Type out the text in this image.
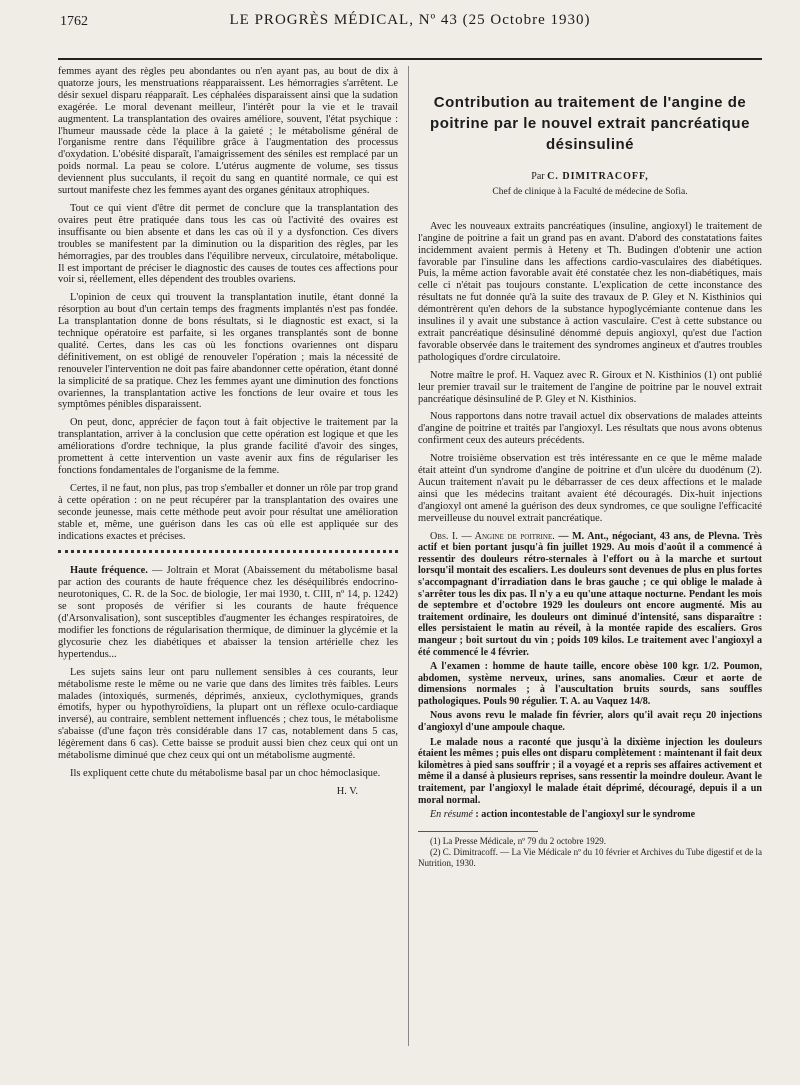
1762	LE PROGRÈS MÉDICAL, Nº 43 (25 Octobre 1930)

femmes ayant des règles peu abondantes ou n'en ayant pas, au bout de dix à quatorze jours, les menstruations réapparaissent. Les hémorragies s'arrêtent. Le désir sexuel disparu réapparaît. Les céphalées disparaissent ainsi que la sudation exagérée. Le moral devenant meilleur, l'intérêt pour la vie et le travail augmentent. La transplantation des ovaires améliore, souvent, l'état psychique : l'humeur maussade cède la place à la gaieté ; le métabolisme général de l'organisme rentre dans l'équilibre grâce à l'augmentation des processus d'oxydation. L'obésité disparaît, l'amaigrissement des séniles est remplacé par un poids normal. La peau se colore. L'utérus augmente de volume, ses tissus deviennent plus succulants, il reçoit du sang en quantité normale, ce qui est surtout manifeste chez les femmes ayant des organes génitaux atrophiques.

Tout ce qui vient d'être dit permet de conclure que la transplantation des ovaires peut être pratiquée dans tous les cas où l'activité des ovaires est insuffisante ou bien absente et dans les cas où il y a dysfonction. Ces divers troubles se manifestent par la diminution ou la disparition des règles, par les hémorragies, par des troubles dans l'équilibre nerveux, circulatoire, métabolique. Il est important de préciser le diagnostic des causes de toutes ces affections pour voir si, réellement, elles dépendent des troubles ovariens.

L'opinion de ceux qui trouvent la transplantation inutile, étant donné la résorption au bout d'un certain temps des fragments implantés n'est pas fondée. La transplantation donne de bons résultats, si le diagnostic est exact, si la technique opératoire est parfaite, si les organes transplantés sont de bonne qualité. Certes, dans les cas où les fonctions ovariennes ont disparu définitivement, on est obligé de renouveler l'opération ; mais la nécessité de renouveler l'intervention ne doit pas faire abandonner cette opération, étant donné la simplicité de sa pratique. Chez les femmes ayant une diminution des fonctions ovariennes, la transplantation active les fonctions de leur ovaire et tous les symptômes pénibles disparaissent.

On peut, donc, apprécier de façon tout à fait objective le traitement par la transplantation, arriver à la conclusion que cette opération est logique et que les améliorations d'ordre technique, la plus grande facilité d'avoir des singes, promettent à cette intervention un vaste avenir aux fins de régulariser les fonctions fondamentales de l'organisme de la femme.

Certes, il ne faut, non plus, pas trop s'emballer et donner un rôle par trop grand à cette opération : on ne peut récupérer par la transplantation des ovaires une seconde jeunesse, mais cette méthode peut avoir pour résultat une amélioration stable et, même, une guérison dans les cas où elle est appliquée sur des indications exactes et précises.

Haute fréquence. — Joltrain et Morat (Abaissement du métabolisme basal par action des courants de haute fréquence chez les déséquilibrés endocrino-neurotoniques, C. R. de la Soc. de biologie, 1er mai 1930, t. CIII, nº 14, p. 1242) se sont proposés de vérifier si les courants de haute fréquence (d'Arsonvalisation), sont susceptibles d'augmenter les échanges respiratoires, de modifier les fonctions de régularisation thermique, de diminuer la glycémie et la glycosurie chez les diabétiques et abaisser la tension artérielle chez les hypertendus...

Les sujets sains leur ont paru nullement sensibles à ces courants, leur métabolisme reste le même ou ne varie que dans des limites très faibles. Leurs malades (intoxiqués, surmenés, déprimés, anxieux, cyclothymiques, grands émotifs, hyper ou hypothyroïdiens, la plupart ont un réflexe oculo-cardiaque inversé), au contraire, semblent nettement influencés ; chez tous, le métabolisme s'abaisse (d'une façon très considérable dans 17 cas, notablement dans 5 cas, légèrement dans 6 cas). Cette baisse se produit aussi bien chez ceux qui ont un métabolisme diminué que chez ceux qui ont un métabolisme augmenté.

Ils expliquent cette chute du métabolisme basal par un choc hémoclasique.

H. V.
Contribution au traitement de l'angine de poitrine par le nouvel extrait pancréatique désinsuliné
Par C. DIMITRACOFF,
Chef de clinique à la Faculté de médecine de Sofia.

Avec les nouveaux extraits pancréatiques (insuline, angioxyl) le traitement de l'angine de poitrine a fait un grand pas en avant. D'abord des constatations faites incidemment avaient permis à Heteny et Th. Budingen d'obtenir une action favorable par l'insuline dans les affections cardio-vasculaires des diabétiques. Puis, la même action favorable avait été constatée chez les non-diabétiques, mais celle ci n'était pas toujours constante. L'explication de cette inconstance des résultats ne fut donnée qu'à la suite des travaux de P. Gley et N. Kisthinios qui démontrèrent qu'en dehors de la substance hypoglycémiante contenue dans les insulines il y avait une substance à action vasculaire. C'est à cette substance ou extrait pancréatique désinsuliné dénommé depuis angioxyl, qu'est due l'action favorable observée dans le traitement des syndromes angineux et d'autres troubles pathologiques d'ordre circulatoire.

Notre maître le prof. H. Vaquez avec R. Giroux et N. Kisthinios (1) ont publié leur premier travail sur le traitement de l'angine de poitrine par le nouvel extrait pancréatique désinsuliné de P. Gley et N. Kisthinios.

Nous rapportons dans notre travail actuel dix observations de malades atteints d'angine de poitrine et traités par l'angioxyl. Les résultats que nous avons obtenus confirment ceux des auteurs précédents.

Notre troisième observation est très intéressante en ce que le même malade était atteint d'un syndrome d'angine de poitrine et d'un ulcère du duodénum (2). Aucun traitement n'avait pu le débarrasser de ces deux affections et le malade ainsi que les médecins traitant avaient été découragés. Dix-huit injections d'angioxyl ont amené la guérison des deux syndromes, ce que souligne l'efficacité merveilleuse du nouvel extrait pancréatique.

Obs. I. — Angine de poitrine. — M. Ant., négociant, 43 ans, de Plevna. Très actif et bien portant jusqu'à fin juillet 1929. Au mois d'août il a commencé à ressentir des douleurs rétro-sternales à l'effort ou à la marche et surtout lorsqu'il montait des escaliers. Les douleurs sont devenues de plus en plus fortes s'accompagnant d'irradiation dans le bras gauche ; ce qui oblige le malade à s'arrêter tous les dix pas. Il n'y a eu qu'une attaque nocturne. Pendant les mois de septembre et d'octobre 1929 les douleurs ont encore augmenté. Mis au traitement ordinaire, les douleurs ont diminué d'intensité, sans disparaître : elles persistaient le matin au réveil, à la montée rapide des escaliers. Gros mangeur ; boit surtout du vin ; poids 109 kilos. Le traitement avec l'angioxyl a été commencé le 4 février.

A l'examen : homme de haute taille, encore obèse 100 kgr. 1/2. Poumon, abdomen, système nerveux, urines, sans anomalies. Cœur et aorte de dimensions normales ; à l'auscultation bruits sourds, sans souffles pathologiques. Pouls 90 régulier. T. A. au Vaquez 14/8.

Nous avons revu le malade fin février, alors qu'il avait reçu 20 injections d'angioxyl d'une ampoule chaque.

Le malade nous a raconté que jusqu'à la dixième injection les douleurs étaient les mêmes ; puis elles ont disparu complètement : maintenant il fait deux kilomètres à pied sans souffrir ; il a voyagé et a repris ses affaires activement et même il a dansé à plusieurs reprises, sans ressentir la moindre douleur. Avant le traitement, par l'angioxyl le malade était déprimé, découragé, depuis il a un moral normal.

En résumé : action incontestable de l'angioxyl sur le syndrome

(1) La Presse Médicale, nº 79 du 2 octobre 1929.

(2) C. Dimitracoff. — La Vie Médicale nº du 10 février et Archives du Tube digestif et de la Nutrition, 1930.
